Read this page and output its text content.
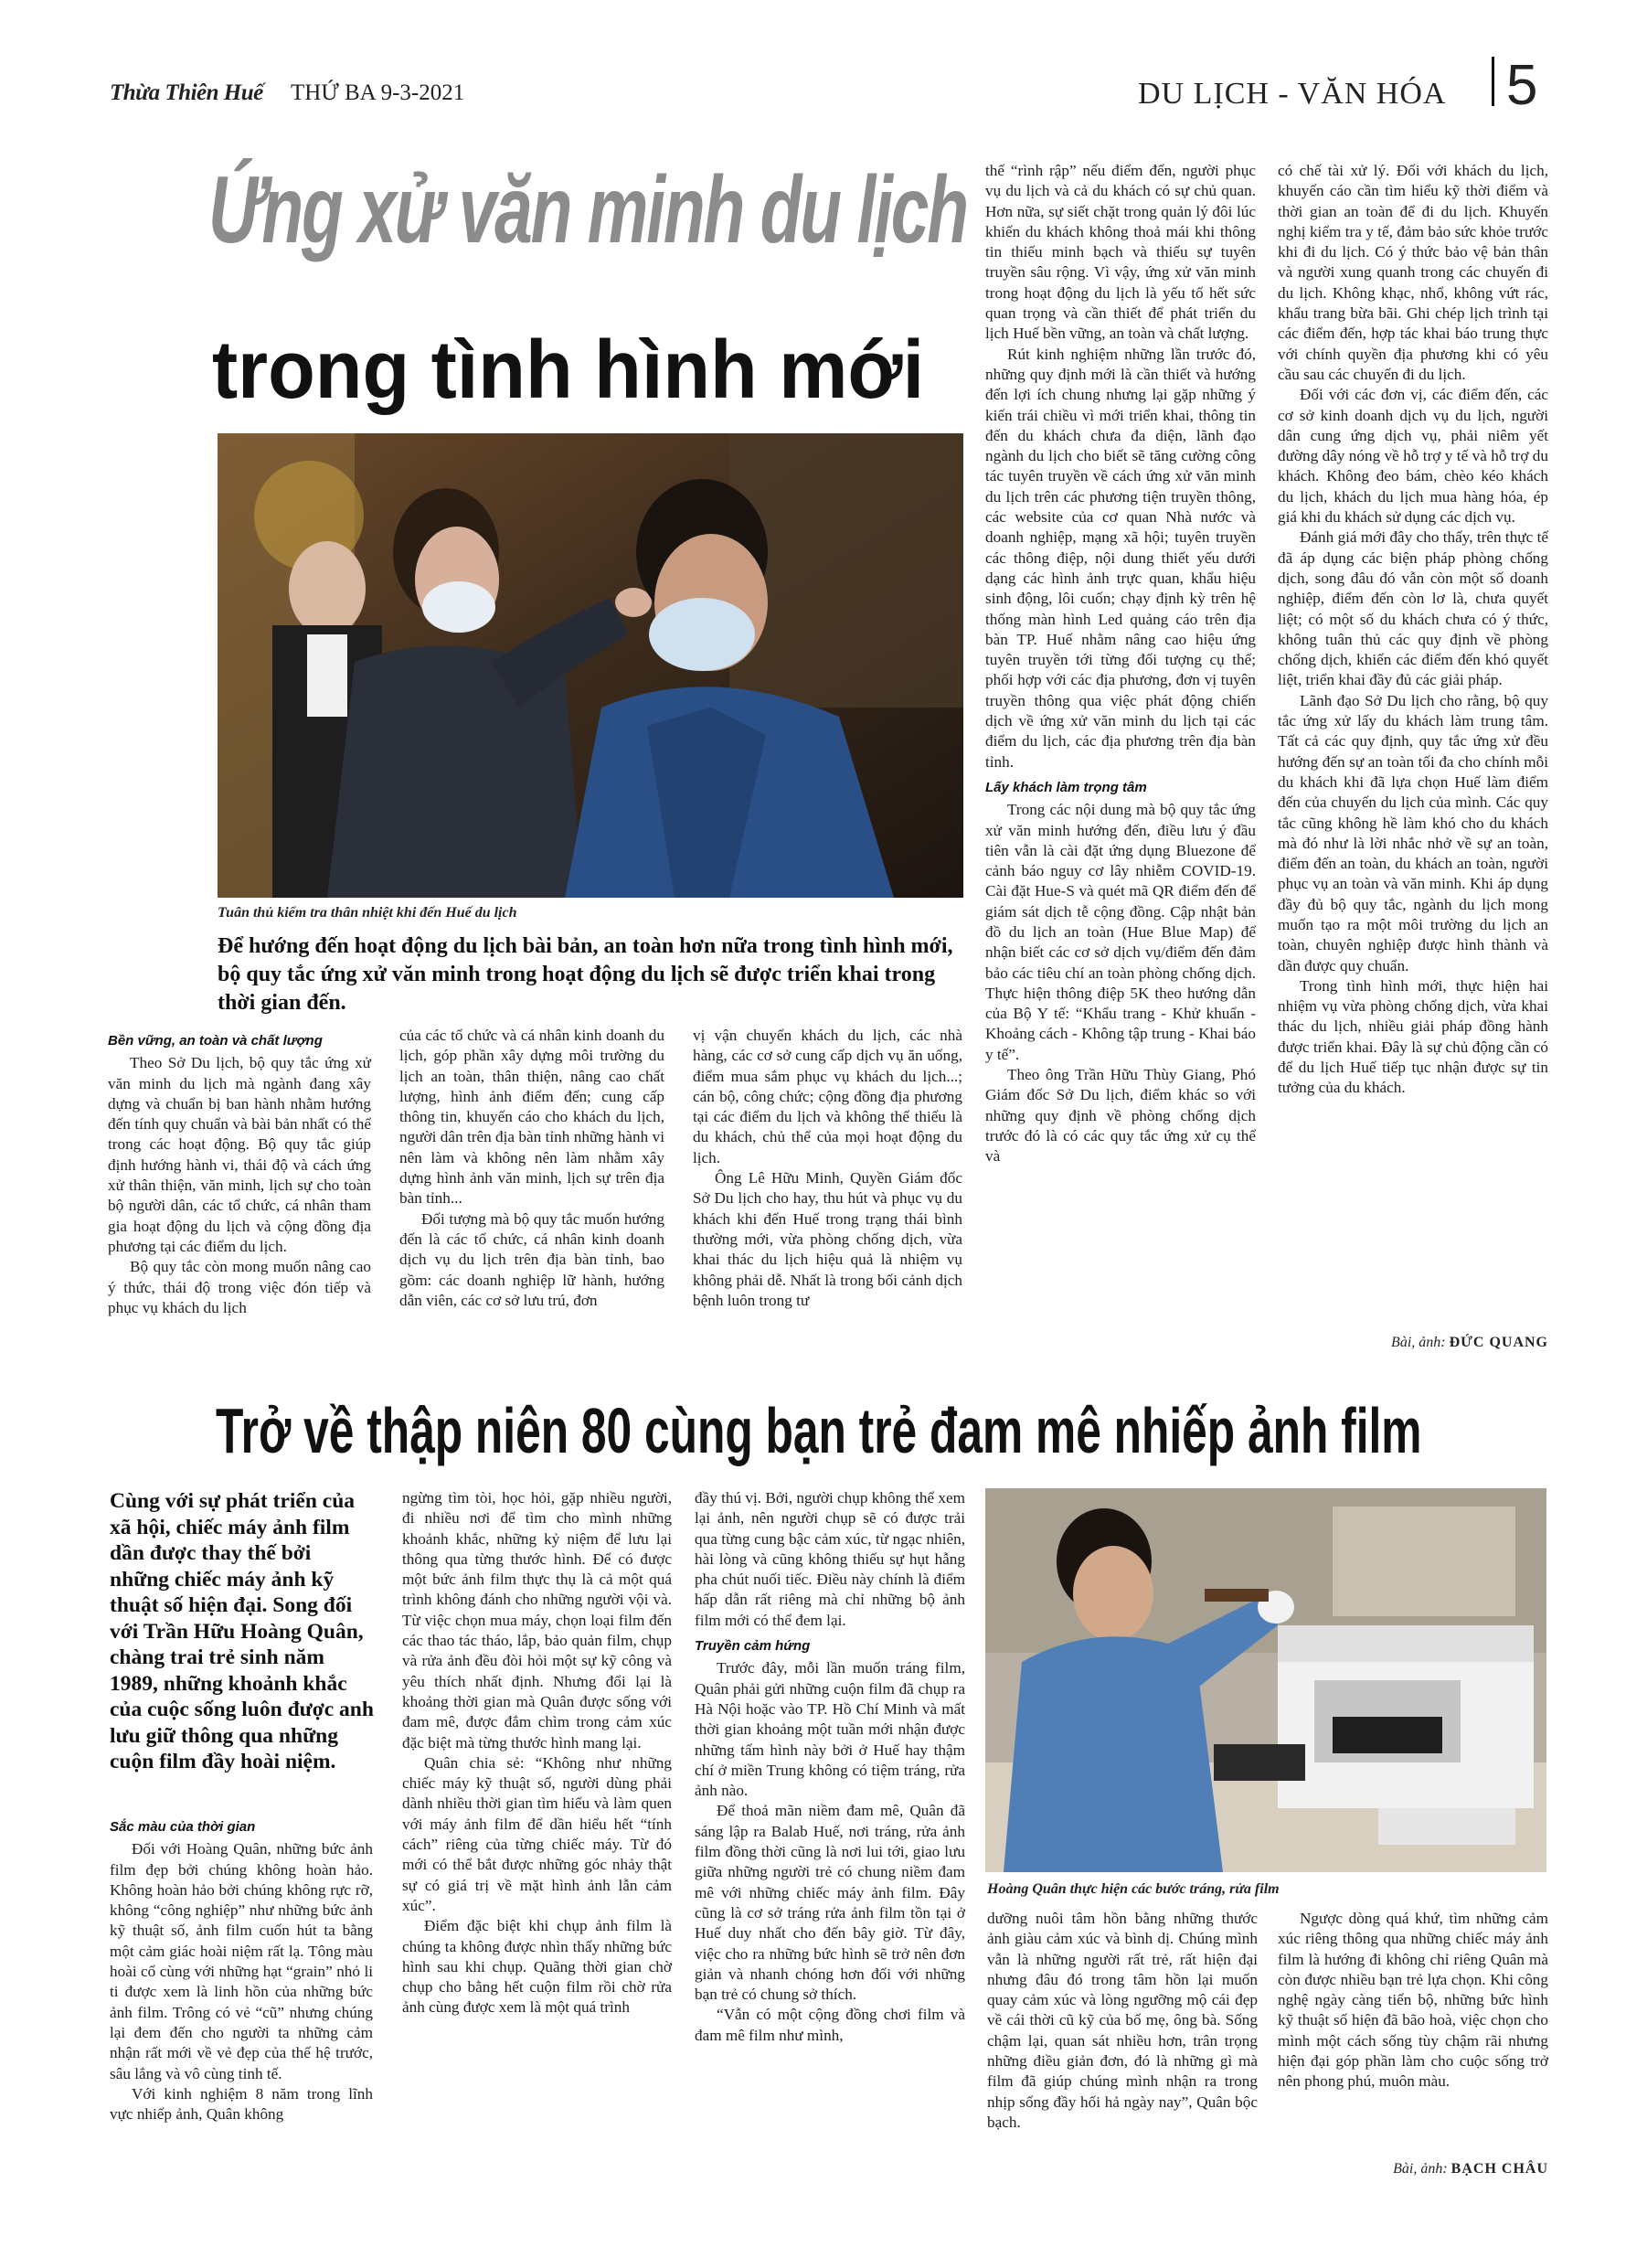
Thừa Thiên Huế THỨ BA 9-3-2021	DU LỊCH - VĂN HÓA 5
Ứng xử văn minh du lịch
trong tình hình mới
Tuân thủ kiểm tra thân nhiệt khi đến Huế du lịch
Để hướng đến hoạt động du lịch bài bản, an toàn hơn nữa trong tình hình mới, bộ quy tắc ứng xử văn minh trong hoạt động du lịch sẽ được triển khai trong thời gian đến.
Bền vững, an toàn và chất lượng

Theo Sở Du lịch, bộ quy tắc ứng xử văn minh du lịch mà ngành đang xây dựng và chuẩn bị ban hành nhằm hướng đến tính quy chuẩn và bài bản nhất có thể trong các hoạt động. Bộ quy tắc giúp định hướng hành vi, thái độ và cách ứng xử thân thiện, văn minh, lịch sự cho toàn bộ người dân, các tổ chức, cá nhân tham gia hoạt động du lịch và cộng đồng địa phương tại các điểm du lịch.

Bộ quy tắc còn mong muốn nâng cao ý thức, thái độ trong việc đón tiếp và phục vụ khách du lịch

của các tổ chức và cá nhân kinh doanh du lịch, góp phần xây dựng môi trường du lịch an toàn, thân thiện, nâng cao chất lượng, hình ảnh điểm đến; cung cấp thông tin, khuyến cáo cho khách du lịch, người dân trên địa bàn tỉnh những hành vi nên làm và không nên làm nhằm xây dựng hình ảnh văn minh, lịch sự trên địa bàn tỉnh...

Đối tượng mà bộ quy tắc muốn hướng đến là các tổ chức, cá nhân kinh doanh dịch vụ du lịch trên địa bàn tỉnh, bao gồm: các doanh nghiệp lữ hành, hướng dẫn viên, các cơ sở lưu trú, đơn

vị vận chuyển khách du lịch, các nhà hàng, các cơ sở cung cấp dịch vụ ăn uống, điểm mua sắm phục vụ khách du lịch...; cán bộ, công chức; cộng đồng địa phương tại các điểm du lịch và không thể thiếu là du khách, chủ thể của mọi hoạt động du lịch.

Ông Lê Hữu Minh, Quyền Giám đốc Sở Du lịch cho hay, thu hút và phục vụ du khách khi đến Huế trong trạng thái bình thường mới, vừa phòng chống dịch, vừa khai thác du lịch hiệu quả là nhiệm vụ không phải dễ. Nhất là trong bối cảnh dịch bệnh luôn trong tư

thế “rình rập” nếu điểm đến, người phục vụ du lịch và cả du khách có sự chủ quan. Hơn nữa, sự siết chặt trong quản lý đôi lúc khiến du khách không thoả mái khi thông tin thiếu minh bạch và thiếu sự tuyên truyền sâu rộng. Vì vậy, ứng xử văn minh trong hoạt động du lịch là yếu tố hết sức quan trọng và cần thiết để phát triển du lịch Huế bền vững, an toàn và chất lượng.

Rút kinh nghiệm những lần trước đó, những quy định mới là cần thiết và hướng đến lợi ích chung nhưng lại gặp những ý kiến trái chiều vì mới triển khai, thông tin đến du khách chưa đa diện, lãnh đạo ngành du lịch cho biết sẽ tăng cường công tác tuyên truyền về cách ứng xử văn minh du lịch trên các phương tiện truyền thông, các website của cơ quan Nhà nước và doanh nghiệp, mạng xã hội; tuyên truyền các thông điệp, nội dung thiết yếu dưới dạng các hình ảnh trực quan, khẩu hiệu sinh động, lôi cuốn; chạy định kỳ trên hệ thống màn hình Led quảng cáo trên địa bàn TP. Huế nhằm nâng cao hiệu ứng tuyên truyền tới từng đối tượng cụ thể; phối hợp với các địa phương, đơn vị tuyên truyền thông qua việc phát động chiến dịch về ứng xử văn minh du lịch tại các điểm du lịch, các địa phương trên địa bàn tỉnh.

Lấy khách làm trọng tâm

Trong các nội dung mà bộ quy tắc ứng xử văn minh hướng đến, điều lưu ý đầu tiên vẫn là cài đặt ứng dụng Bluezone để cảnh báo nguy cơ lây nhiễm COVID-19. Cài đặt Hue-S và quét mã QR điểm đến để giám sát dịch tễ cộng đồng. Cập nhật bản đồ du lịch an toàn (Hue Blue Map) để nhận biết các cơ sở dịch vụ/điểm đến đảm bảo các tiêu chí an toàn phòng chống dịch. Thực hiện thông điệp 5K theo hướng dẫn của Bộ Y tế: “Khẩu trang - Khử khuẩn - Khoảng cách - Không tập trung - Khai báo y tế”.

Theo ông Trần Hữu Thùy Giang, Phó Giám đốc Sở Du lịch, điểm khác so với những quy định về phòng chống dịch trước đó là có các quy tắc ứng xử cụ thể và

có chế tài xử lý. Đối với khách du lịch, khuyến cáo cần tìm hiểu kỹ thời điểm và thời gian an toàn để đi du lịch. Khuyến nghị kiểm tra y tế, đảm bảo sức khỏe trước khi đi du lịch. Có ý thức bảo vệ bản thân và người xung quanh trong các chuyến đi du lịch. Không khạc, nhổ, không vứt rác, khẩu trang bừa bãi. Ghi chép lịch trình tại các điểm đến, hợp tác khai báo trung thực với chính quyền địa phương khi có yêu cầu sau các chuyến đi du lịch.

Đối với các đơn vị, các điểm đến, các cơ sở kinh doanh dịch vụ du lịch, người dân cung ứng dịch vụ, phải niêm yết đường dây nóng về hỗ trợ y tế và hỗ trợ du khách. Không đeo bám, chèo kéo khách du lịch, khách du lịch mua hàng hóa, ép giá khi du khách sử dụng các dịch vụ.

Đánh giá mới đây cho thấy, trên thực tế đã áp dụng các biện pháp phòng chống dịch, song đâu đó vẫn còn một số doanh nghiệp, điểm đến còn lơ là, chưa quyết liệt; có một số du khách chưa có ý thức, không tuân thủ các quy định về phòng chống dịch, khiến các điểm đến khó quyết liệt, triển khai đầy đủ các giải pháp.

Lãnh đạo Sở Du lịch cho rằng, bộ quy tắc ứng xử lấy du khách làm trung tâm. Tất cả các quy định, quy tắc ứng xử đều hướng đến sự an toàn tối đa cho chính mỗi du khách khi đã lựa chọn Huế làm điểm đến của chuyến du lịch của mình. Các quy tắc cũng không hề làm khó cho du khách mà đó như là lời nhắc nhở về sự an toàn, điểm đến an toàn, du khách an toàn, người phục vụ an toàn và văn minh. Khi áp dụng đầy đủ bộ quy tắc, ngành du lịch mong muốn tạo ra một môi trường du lịch an toàn, chuyên nghiệp được hình thành và dần được quy chuẩn.

Trong tình hình mới, thực hiện hai nhiệm vụ vừa phòng chống dịch, vừa khai thác du lịch, nhiều giải pháp đồng hành được triển khai. Đây là sự chủ động cần có để du lịch Huế tiếp tục nhận được sự tin tưởng của du khách.

Bài, ảnh: ĐỨC QUANG
Trở về thập niên 80 cùng bạn trẻ đam mê nhiếp ảnh film
Cùng với sự phát triển của xã hội, chiếc máy ảnh film dần được thay thế bởi những chiếc máy ảnh kỹ thuật số hiện đại. Song đối với Trần Hữu Hoàng Quân, chàng trai trẻ sinh năm 1989, những khoảnh khắc của cuộc sống luôn được anh lưu giữ thông qua những cuộn film đầy hoài niệm.
Sắc màu của thời gian

Đối với Hoàng Quân, những bức ảnh film đẹp bởi chúng không hoàn hảo. Không hoàn hảo bởi chúng không rực rỡ, không “công nghiệp” như những bức ảnh kỹ thuật số, ảnh film cuốn hút ta bằng một cảm giác hoài niệm rất lạ. Tông màu hoài cổ cùng với những hạt “grain” nhỏ li ti được xem là linh hồn của những bức ảnh film. Trông có vẻ “cũ” nhưng chúng lại đem đến cho người ta những cảm nhận rất mới về vẻ đẹp của thế hệ trước, sâu lắng và vô cùng tinh tế.

Với kinh nghiệm 8 năm trong lĩnh vực nhiếp ảnh, Quân không

ngừng tìm tòi, học hỏi, gặp nhiều người, đi nhiều nơi để tìm cho mình những khoảnh khắc, những kỷ niệm để lưu lại thông qua từng thước hình. Để có được một bức ảnh film thực thụ là cả một quá trình không đánh cho những người vội và. Từ việc chọn mua máy, chọn loại film đến các thao tác tháo, lắp, bảo quản film, chụp và rửa ảnh đều đòi hỏi một sự kỹ công và yêu thích nhất định. Nhưng đổi lại là khoảng thời gian mà Quân được sống với đam mê, được đắm chìm trong cảm xúc đặc biệt mà từng thước hình mang lại.

Quân chia sẻ: “Không như những chiếc máy kỹ thuật số, người dùng phải dành nhiều thời gian tìm hiểu và làm quen với máy ảnh film để dần hiểu hết “tính cách” riêng của từng chiếc máy. Từ đó mới có thể bắt được những góc nhảy thật sự có giá trị về mặt hình ảnh lẫn cảm xúc”.

Điểm đặc biệt khi chụp ảnh film là chúng ta không được nhìn thấy những bức hình sau khi chụp. Quãng thời gian chờ chụp cho bằng hết cuộn film rồi chờ rửa ảnh cùng được xem là một quá trình

đầy thú vị. Bởi, người chụp không thể xem lại ảnh, nên người chụp sẽ có được trải qua từng cung bậc cảm xúc, từ ngạc nhiên, hài lòng và cũng không thiếu sự hụt hẫng pha chút nuối tiếc. Điều này chính là điểm hấp dẫn rất riêng mà chỉ những bộ ảnh film mới có thể đem lại.

Truyền cảm hứng

Trước đây, mỗi lần muốn tráng film, Quân phải gửi những cuộn film đã chụp ra Hà Nội hoặc vào TP. Hồ Chí Minh và mất thời gian khoảng một tuần mới nhận được những tấm hình này bởi ở Huế hay thậm chí ở miền Trung không có tiệm tráng, rửa ảnh nào.

Để thoả mãn niềm đam mê, Quân đã sáng lập ra Balab Huế, nơi tráng, rửa ảnh film đồng thời cũng là nơi lui tới, giao lưu giữa những người trẻ có chung niềm đam mê với những chiếc máy ảnh film. Đây cũng là cơ sở tráng rửa ảnh film tồn tại ở Huế duy nhất cho đến bây giờ. Từ đây, việc cho ra những bức hình sẽ trở nên đơn giản và nhanh chóng hơn đối với những bạn trẻ có chung sở thích.

“Vẫn có một cộng đồng chơi film và đam mê film như mình,

Hoàng Quân thực hiện các bước tráng, rửa film

dưỡng nuôi tâm hồn bằng những thước ảnh giàu cảm xúc và bình dị. Chúng mình vẫn là những người rất trẻ, rất hiện đại nhưng đâu đó trong tâm hồn lại muốn quay cảm xúc và lòng ngưỡng mộ cái đẹp về cái thời cũ kỹ của bố mẹ, ông bà. Sống chậm lại, quan sát nhiều hơn, trân trọng những điều giản đơn, đó là những gì mà film đã giúp chúng mình nhận ra trong nhịp sống đầy hối hả ngày nay”, Quân bộc bạch.

Ngược dòng quá khứ, tìm những cảm xúc riêng thông qua những chiếc máy ảnh film là hướng đi không chỉ riêng Quân mà còn được nhiều bạn trẻ lựa chọn. Khi công nghệ ngày càng tiến bộ, những bức hình kỹ thuật số hiện đã bão hoà, việc chọn cho mình một cách sống tùy chậm rãi nhưng hiện đại góp phần làm cho cuộc sống trở nên phong phú, muôn màu.

Bài, ảnh: BẠCH CHÂU
